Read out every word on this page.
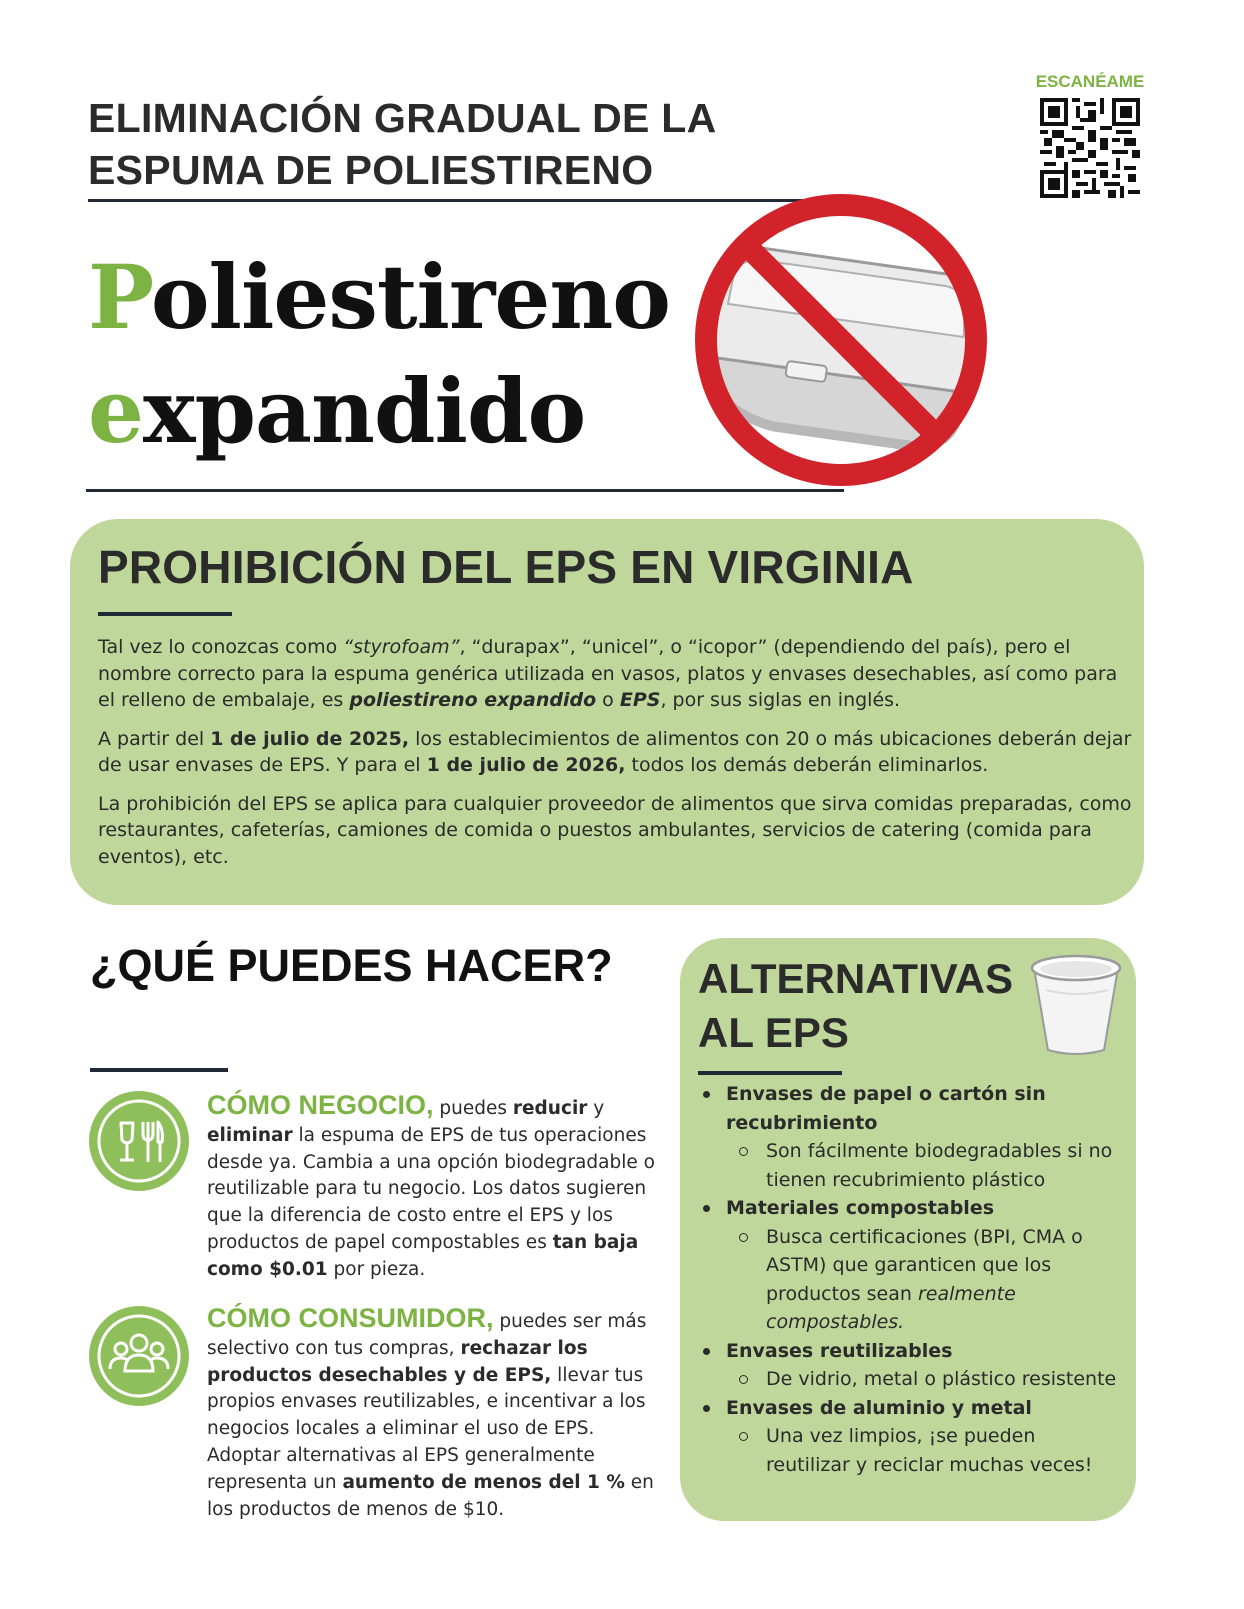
ELIMINACIÓN GRADUAL DE LA
ESPUMA DE POLIESTIRENO
ESCANÉAME
Poliestireno
expandido
PROHIBICIÓN DEL EPS EN VIRGINIA

Tal vez lo conozcas como “styrofoam”, “durapax”, “unicel”, o “icopor” (dependiendo del país), pero el nombre correcto para la espuma genérica utilizada en vasos, platos y envases desechables, así como para el relleno de embalaje, es poliestireno expandido o EPS, por sus siglas en inglés.

A partir del 1 de julio de 2025, los establecimientos de alimentos con 20 o más ubicaciones deberán dejar de usar envases de EPS. Y para el 1 de julio de 2026, todos los demás deberán eliminarlos.

La prohibición del EPS se aplica para cualquier proveedor de alimentos que sirva comidas preparadas, como restaurantes, cafeterías, camiones de comida o puestos ambulantes, servicios de catering (comida para eventos), etc.

¿QUÉ PUEDES HACER?
CÓMO NEGOCIO, puedes reducir y eliminar la espuma de EPS de tus operaciones desde ya. Cambia a una opción biodegradable o reutilizable para tu negocio. Los datos sugieren que la diferencia de costo entre el EPS y los productos de papel compostables es tan baja como $0.01 por pieza.
CÓMO CONSUMIDOR, puedes ser más selectivo con tus compras, rechazar los productos desechables y de EPS, llevar tus propios envases reutilizables, e incentivar a los negocios locales a eliminar el uso de EPS. Adoptar alternativas al EPS generalmente representa un aumento de menos del 1 % en los productos de menos de $10.
ALTERNATIVAS
AL EPS
Envases de papel o cartón sin recubrimiento
Son fácilmente biodegradables si no tienen recubrimiento plástico
Materiales compostables
Busca certificaciones (BPI, CMA o ASTM) que garanticen que los productos sean realmente compostables.
Envases reutilizables
De vidrio, metal o plástico resistente
Envases de aluminio y metal
Una vez limpios, ¡se pueden reutilizar y reciclar muchas veces!
